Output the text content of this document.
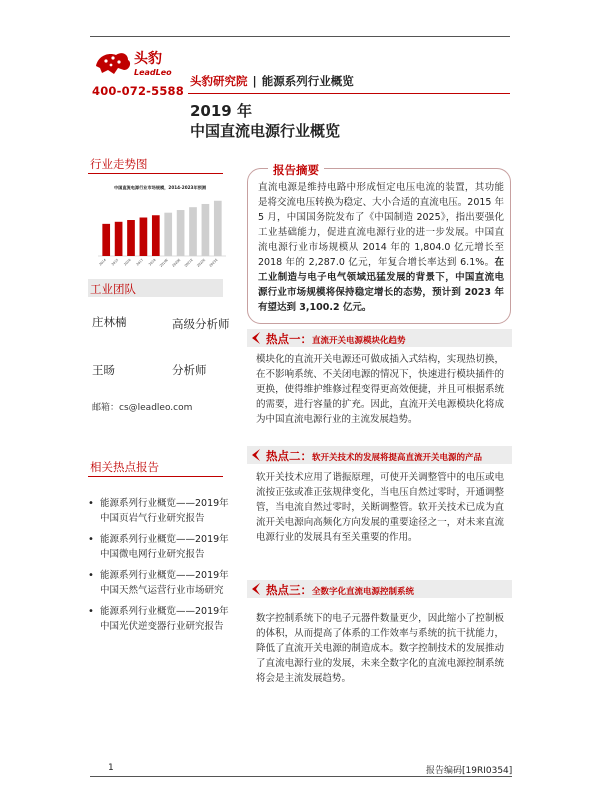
头豹
LeadLeo
400-072-5588
头豹研究院 | 能源系列行业概览
2019 年
中国直流电源行业概览
行业走势图
中国直流电源行业市场规模，2014-2023年预测
2014 2015 2016 2017 2018 2019E 2020E 2021E 2022E 2023E
工业团队
庄林楠	高级分析师
王旸	分析师
邮箱：cs@leadleo.com
相关热点报告
• 能源系列行业概览——2019年中国页岩气行业研究报告
• 能源系列行业概览——2019年中国微电网行业研究报告
• 能源系列行业概览——2019年中国天然气运营行业市场研究
• 能源系列行业概览——2019年中国光伏逆变器行业研究报告
报告摘要
直流电源是维持电路中形成恒定电压电流的装置，其功能是将交流电压转换为稳定、大小合适的直流电压。2015 年 5 月，中国国务院发布了《中国制造 2025》，指出要强化工业基础能力，促进直流电源行业的进一步发展。中国直流电源行业市场规模从 2014 年的 1,804.0 亿元增长至 2018 年的 2,287.0 亿元，年复合增长率达到 6.1%。在工业制造与电子电气领域迅猛发展的背景下，中国直流电源行业市场规模将保持稳定增长的态势，预计到 2023 年有望达到 3,100.2 亿元。
热点一：直流开关电源模块化趋势
模块化的直流开关电源还可做成插入式结构，实现热切换，在不影响系统、不关闭电源的情况下，快速进行模块插件的更换，使得维护维修过程变得更高效便捷，并且可根据系统的需要，进行容量的扩充。因此，直流开关电源模块化将成为中国直流电源行业的主流发展趋势。
热点二：软开关技术的发展将提高直流开关电源的产品
软开关技术应用了谐振原理，可使开关调整管中的电压或电流按正弦或准正弦规律变化，当电压自然过零时，开通调整管，当电流自然过零时，关断调整管。软开关技术已成为直流开关电源向高频化方向发展的重要途径之一，对未来直流电源行业的发展具有至关重要的作用。
热点三：全数字化直流电源控制系统
数字控制系统下的电子元器件数量更少，因此缩小了控制板的体积，从而提高了体系的工作效率与系统的抗干扰能力，降低了直流开关电源的制造成本。数字控制技术的发展推动了直流电源行业的发展，未来全数字化的直流电源控制系统将会是主流发展趋势。
1	报告编码[19RI0354]
